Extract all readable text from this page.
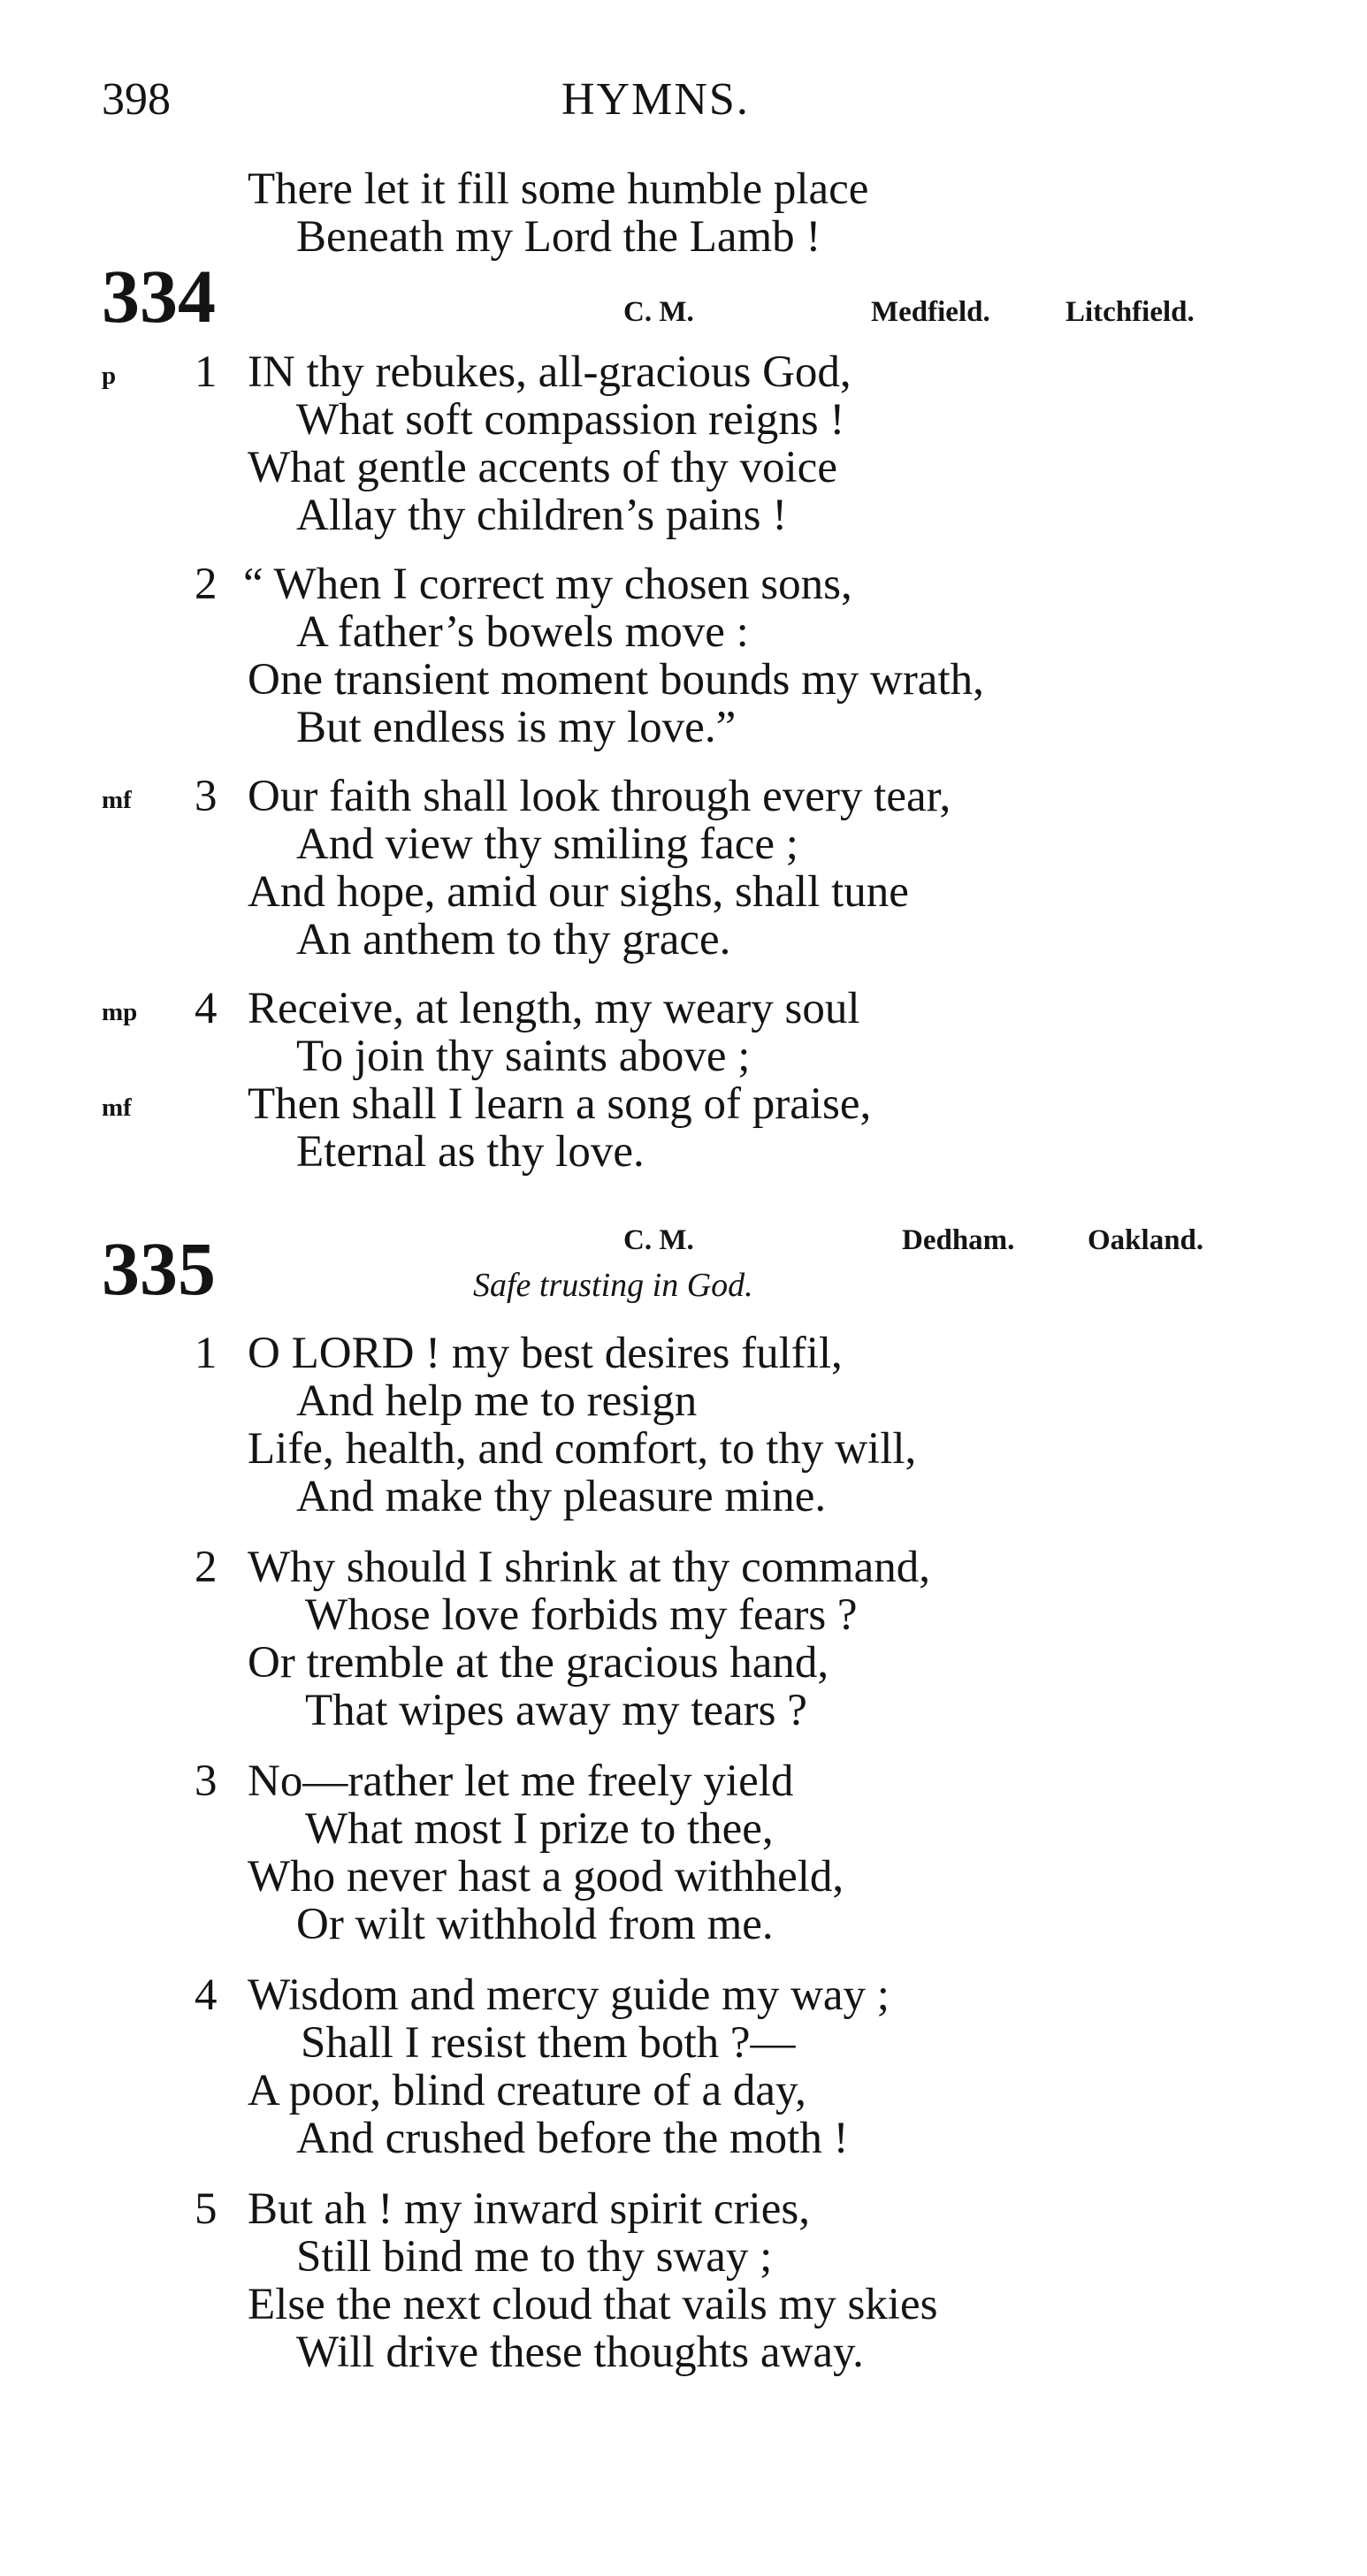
398	HYMNS.
There let it fill some humble place
Beneath my Lord the Lamb !
334	C. M.	Medfield.	Litchfield.
p 1 IN thy rebukes, all-gracious God,
What soft compassion reigns !
What gentle accents of thy voice
Allay thy children’s pains !
2 “ When I correct my chosen sons,
A father’s bowels move :
One transient moment bounds my wrath,
But endless is my love.”
mf 3 Our faith shall look through every tear,
And view thy smiling face ;
And hope, amid our sighs, shall tune
An anthem to thy grace.
mp 4 Receive, at length, my weary soul
To join thy saints above ;
mf	Then shall I learn a song of praise,
Eternal as thy love.
335	C. M.	Dedham.	Oakland.
Safe trusting in God.
1 O LORD ! my best desires fulfil,
And help me to resign
Life, health, and comfort, to thy will,
And make thy pleasure mine.
2 Why should I shrink at thy command,
Whose love forbids my fears ?
Or tremble at the gracious hand,
That wipes away my tears ?
3 No—rather let me freely yield
What most I prize to thee,
Who never hast a good withheld,
Or wilt withhold from me.
4 Wisdom and mercy guide my way ;
Shall I resist them both ?—
A poor, blind creature of a day,
And crushed before the moth !
5 But ah ! my inward spirit cries,
Still bind me to thy sway ;
Else the next cloud that vails my skies
Will drive these thoughts away.
